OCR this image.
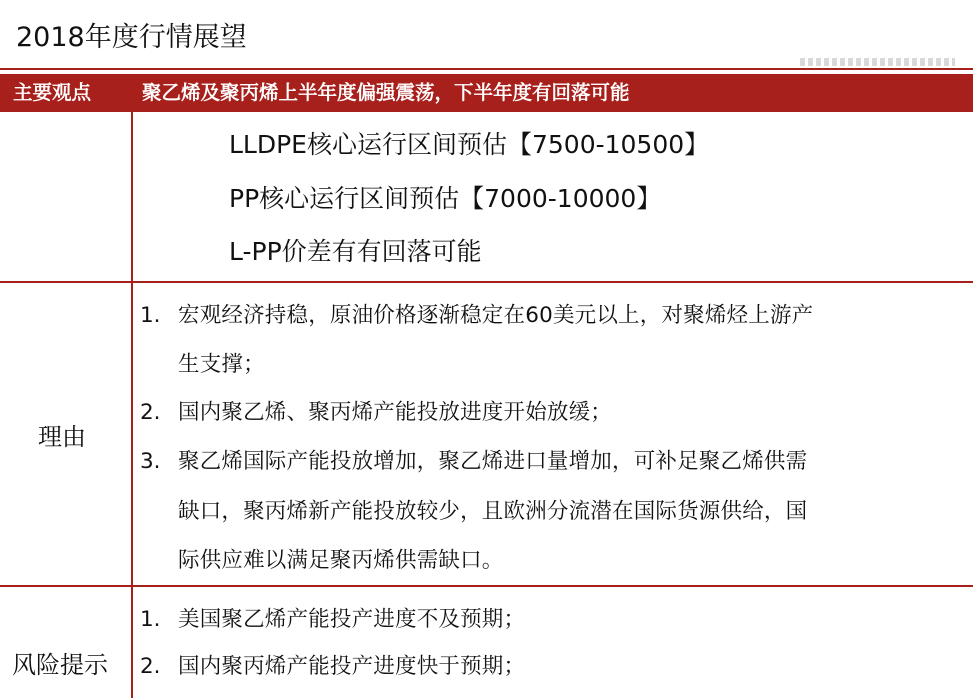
2018年度行情展望
主要观点	聚乙烯及聚丙烯上半年度偏强震荡，下半年度有回落可能
LLDPE核心运行区间预估【7500-10500】
PP核心运行区间预估【7000-10000】
L-PP价差有有回落可能
理由
1. 宏观经济持稳，原油价格逐渐稳定在60美元以上，对聚烯烃上游产
生支撑；
2. 国内聚乙烯、聚丙烯产能投放进度开始放缓；
3. 聚乙烯国际产能投放增加，聚乙烯进口量增加，可补足聚乙烯供需
缺口，聚丙烯新产能投放较少，且欧洲分流潜在国际货源供给，国
际供应难以满足聚丙烯供需缺口。
风险提示
1. 美国聚乙烯产能投产进度不及预期；
2. 国内聚丙烯产能投产进度快于预期；
